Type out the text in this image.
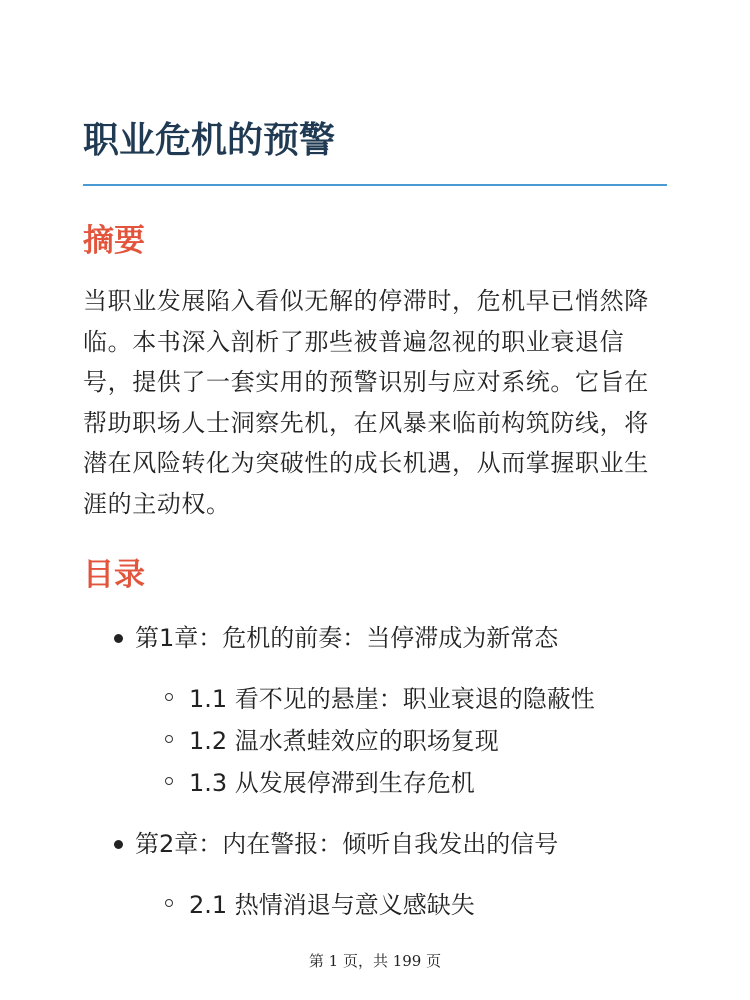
职业危机的预警
摘要

当职业发展陷入看似无解的停滞时，危机早已悄然降临。本书深入剖析了那些被普遍忽视的职业衰退信号，提供了一套实用的预警识别与应对系统。它旨在帮助职场人士洞察先机，在风暴来临前构筑防线，将潜在风险转化为突破性的成长机遇，从而掌握职业生涯的主动权。

目录
第1章：危机的前奏：当停滞成为新常态
1.1 看不见的悬崖：职业衰退的隐蔽性
1.2 温水煮蛙效应的职场复现
1.3 从发展停滞到生存危机
第2章：内在警报：倾听自我发出的信号
2.1 热情消退与意义感缺失
第 1 页，共 199 页
